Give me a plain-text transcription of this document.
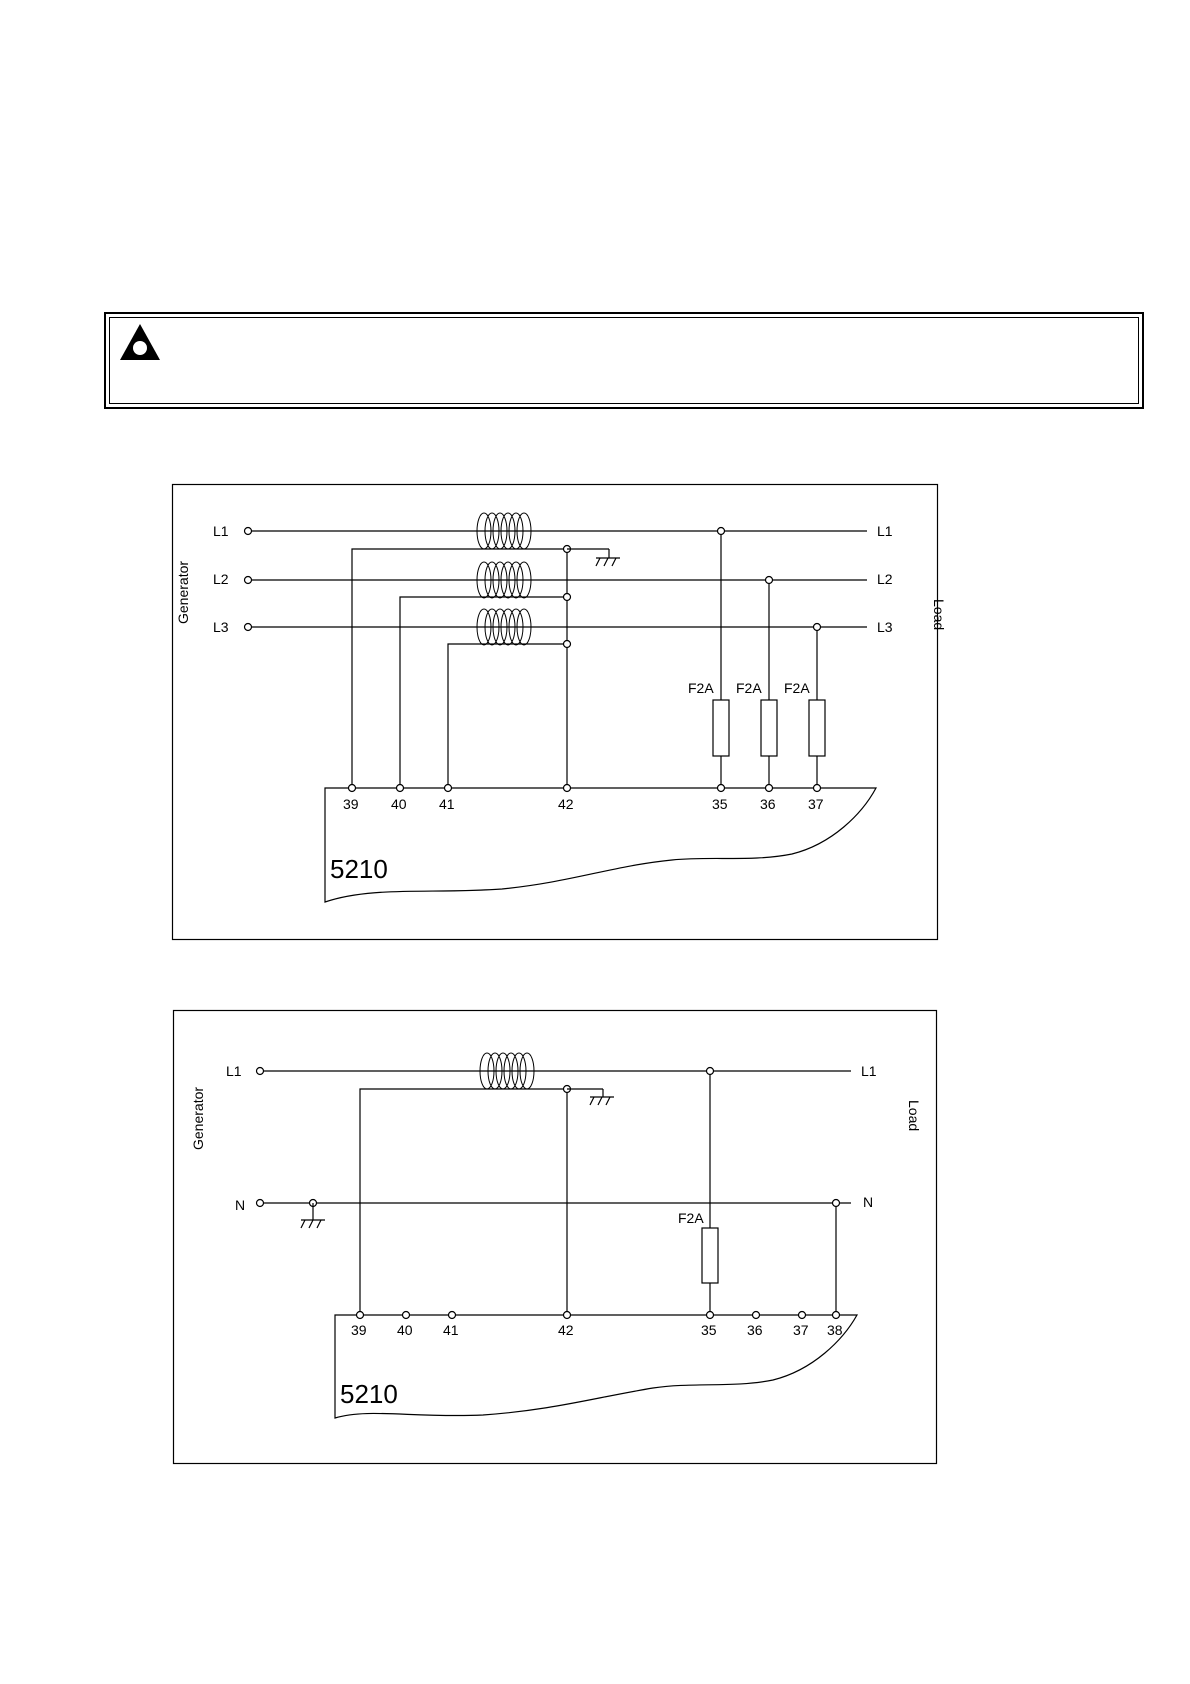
Generator	Load
L1
L2
L3
L1
L2
L3
F2A F2A F2A
39 40 41	42	35 36 37
5210
Generator	Load
L1
N
L1
N
F2A
39 40 41	42	35 36 37 38
5210
